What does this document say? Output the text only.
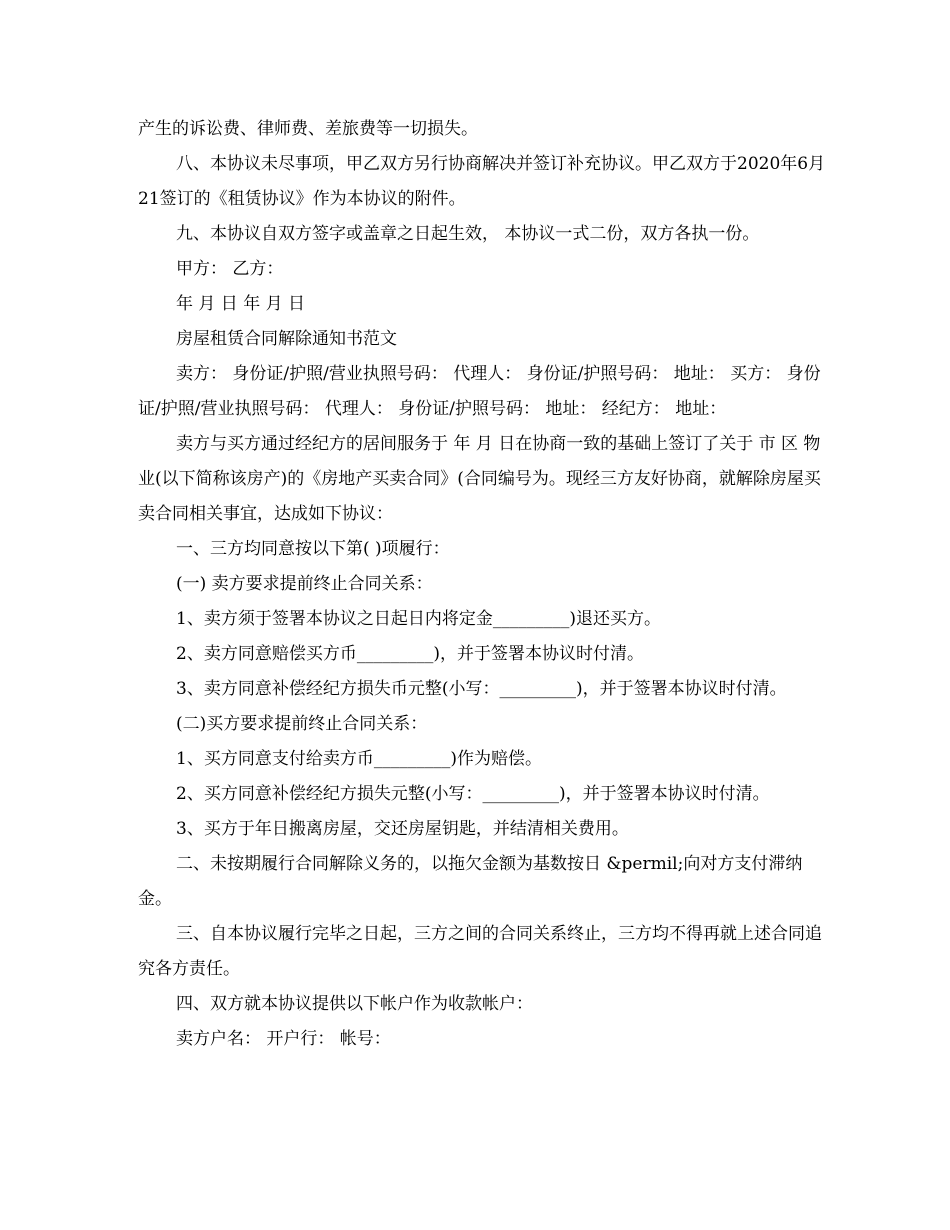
产生的诉讼费、律师费、差旅费等一切损失。

八、本协议未尽事项，甲乙双方另行协商解决并签订补充协议。甲乙双方于2020年6月21签订的《租赁协议》作为本协议的附件。

九、本协议自双方签字或盖章之日起生效， 本协议一式二份，双方各执一份。

甲方： 乙方：

年 月 日 年 月 日

房屋租赁合同解除通知书范文

卖方： 身份证/护照/营业执照号码： 代理人： 身份证/护照号码： 地址： 买方： 身份证/护照/营业执照号码： 代理人： 身份证/护照号码： 地址： 经纪方： 地址：

卖方与买方通过经纪方的居间服务于 年 月 日在协商一致的基础上签订了关于 市 区 物业(以下简称该房产)的《房地产买卖合同》(合同编号为。现经三方友好协商，就解除房屋买卖合同相关事宜，达成如下协议：

一、三方均同意按以下第( )项履行：

(一) 卖方要求提前终止合同关系：

1、卖方须于签署本协议之日起日内将定金_________)退还买方。

2、卖方同意赔偿买方币_________)，并于签署本协议时付清。

3、卖方同意补偿经纪方损失币元整(小写：_________)，并于签署本协议时付清。

(二)买方要求提前终止合同关系：

1、买方同意支付给卖方币_________)作为赔偿。

2、买方同意补偿经纪方损失元整(小写：_________)，并于签署本协议时付清。

3、买方于年日搬离房屋，交还房屋钥匙，并结清相关费用。

二、未按期履行合同解除义务的，以拖欠金额为基数按日 &permil;向对方支付滞纳金。

三、自本协议履行完毕之日起，三方之间的合同关系终止，三方均不得再就上述合同追究各方责任。

四、双方就本协议提供以下帐户作为收款帐户：

卖方户名： 开户行： 帐号：
